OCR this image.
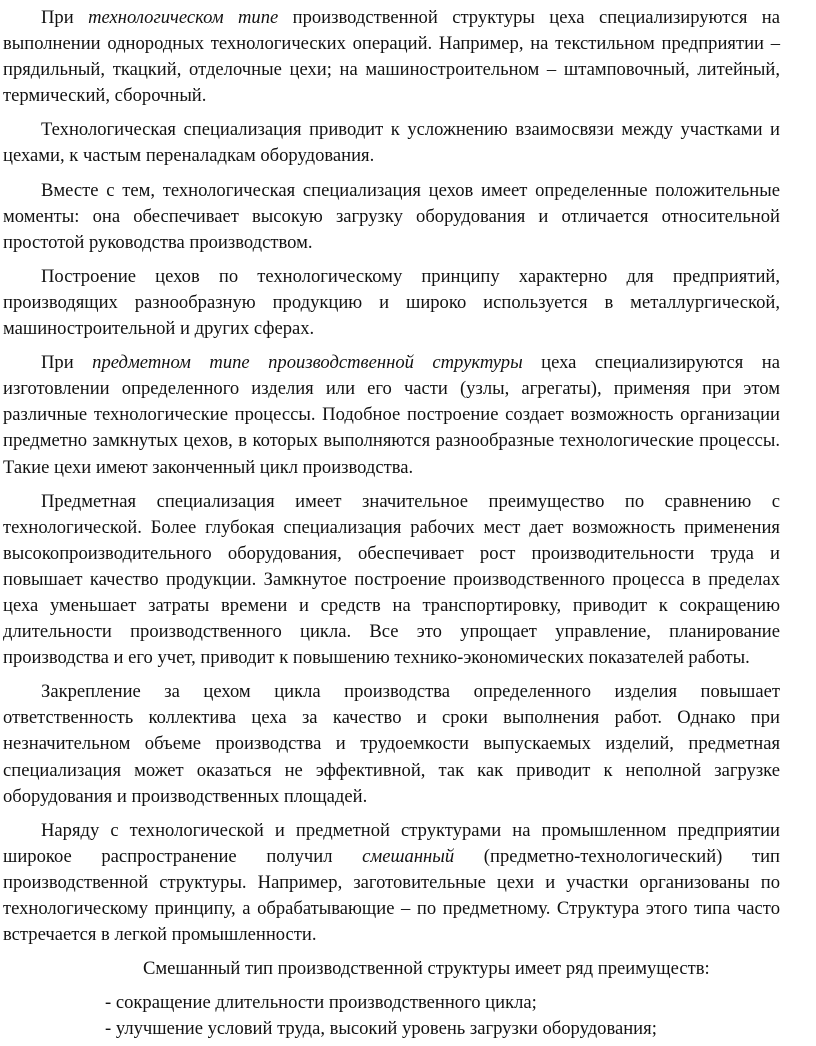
При технологическом типе производственной структуры цеха специализируются на выполнении однородных технологических операций. Например, на текстильном предприятии – прядильный, ткацкий, отделочные цехи; на машиностроительном – штамповочный, литейный, термический, сборочный.

Технологическая специализация приводит к усложнению взаимосвязи между участками и цехами, к частым переналадкам оборудования.

Вместе с тем, технологическая специализация цехов имеет определенные положительные моменты: она обеспечивает высокую загрузку оборудования и отличается относительной простотой руководства производством.

Построение цехов по технологическому принципу характерно для предприятий, производящих разнообразную продукцию и широко используется в металлургической, машиностроительной и других сферах.

При предметном типе производственной структуры цеха специализируются на изготовлении определенного изделия или его части (узлы, агрегаты), применяя при этом различные технологические процессы. Подобное построение создает возможность организации предметно замкнутых цехов, в которых выполняются разнообразные технологические процессы. Такие цехи имеют законченный цикл производства.

Предметная специализация имеет значительное преимущество по сравнению с технологической. Более глубокая специализация рабочих мест дает возможность применения высокопроизводительного оборудования, обеспечивает рост производительности труда и повышает качество продукции. Замкнутое построение производственного процесса в пределах цеха уменьшает затраты времени и средств на транспортировку, приводит к сокращению длительности производственного цикла. Все это упрощает управление, планирование производства и его учет, приводит к повышению технико-экономических показателей работы.

Закрепление за цехом цикла производства определенного изделия повышает ответственность коллектива цеха за качество и сроки выполнения работ. Однако при незначительном объеме производства и трудоемкости выпускаемых изделий, предметная специализация может оказаться не эффективной, так как приводит к неполной загрузке оборудования и производственных площадей.

Наряду с технологической и предметной структурами на промышленном предприятии широкое распространение получил смешанный (предметно-технологический) тип производственной структуры. Например, заготовительные цехи и участки организованы по технологическому принципу, а обрабатывающие – по предметному. Структура этого типа часто встречается в легкой промышленности.

Смешанный тип производственной структуры имеет ряд преимуществ:

- сокращение длительности производственного цикла;
- улучшение условий труда, высокий уровень загрузки оборудования;
